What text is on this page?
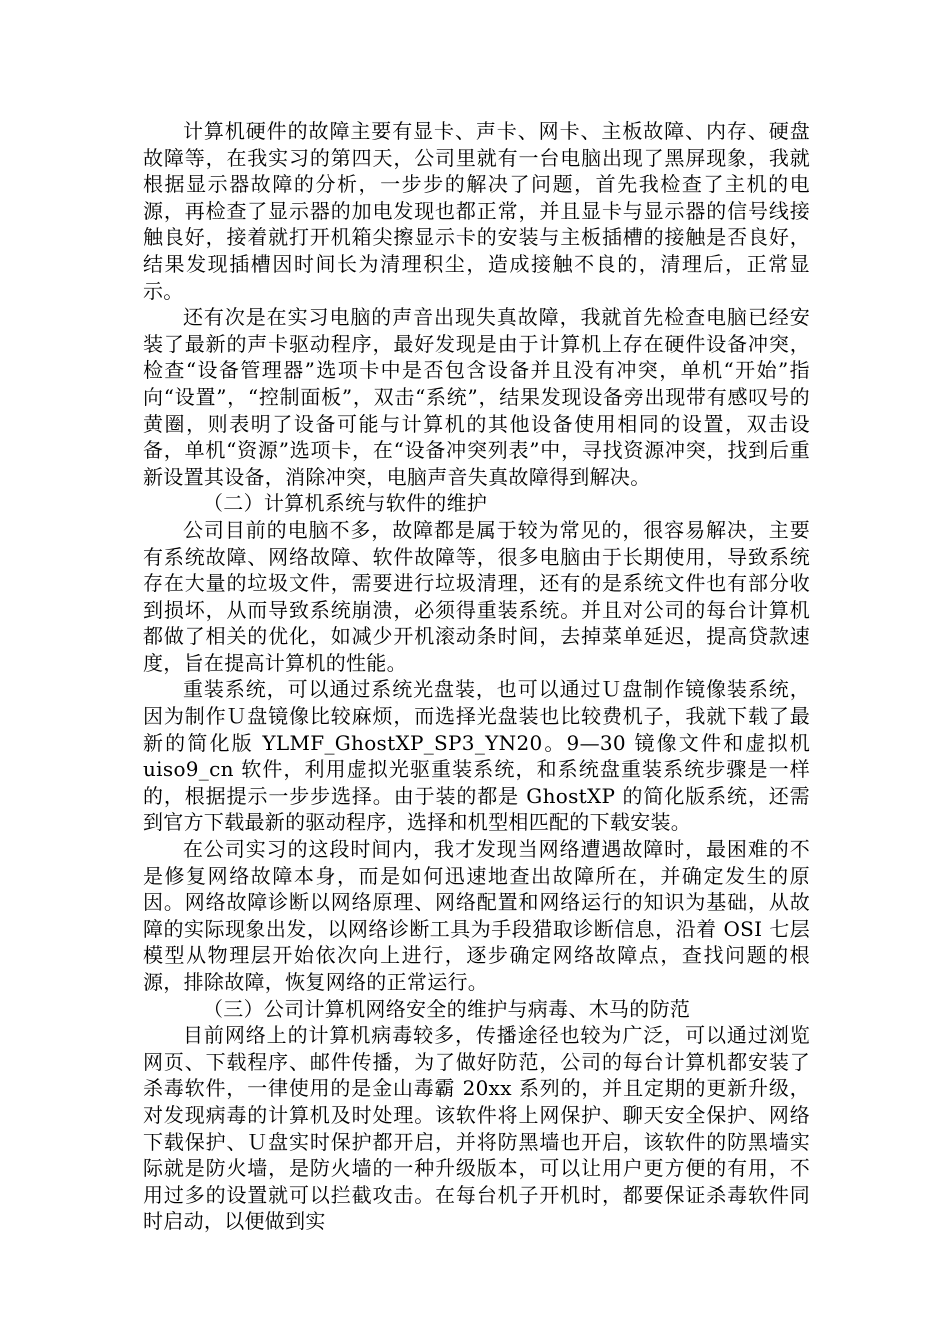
计算机硬件的故障主要有显卡、声卡、网卡、主板故障、内存、硬盘故障等，在我实习的第四天，公司里就有一台电脑出现了黑屏现象，我就根据显示器故障的分析，一步步的解决了问题，首先我检查了主机的电源，再检查了显示器的加电发现也都正常，并且显卡与显示器的信号线接触良好，接着就打开机箱尖擦显示卡的安装与主板插槽的接触是否良好，结果发现插槽因时间长为清理积尘，造成接触不良的，清理后，正常显示。

还有次是在实习电脑的声音出现失真故障，我就首先检查电脑已经安装了最新的声卡驱动程序，最好发现是由于计算机上存在硬件设备冲突，检查“设备管理器”选项卡中是否包含设备并且没有冲突，单机“开始”指向“设置”，“控制面板”，双击“系统”，结果发现设备旁出现带有感叹号的黄圈，则表明了设备可能与计算机的其他设备使用相同的设置，双击设备，单机“资源”选项卡，在“设备冲突列表”中，寻找资源冲突，找到后重新设置其设备，消除冲突，电脑声音失真故障得到解决。

（二）计算机系统与软件的维护

公司目前的电脑不多，故障都是属于较为常见的，很容易解决，主要有系统故障、网络故障、软件故障等，很多电脑由于长期使用，导致系统存在大量的垃圾文件，需要进行垃圾清理，还有的是系统文件也有部分收到损坏，从而导致系统崩溃，必须得重装系统。并且对公司的每台计算机都做了相关的优化，如减少开机滚动条时间，去掉菜单延迟，提高贷款速度，旨在提高计算机的性能。

重装系统，可以通过系统光盘装，也可以通过Ｕ盘制作镜像装系统，因为制作Ｕ盘镜像比较麻烦，而选择光盘装也比较费机子，我就下载了最新的简化版 YLMF_GhostXP_SP3_YN20。9—30 镜像文件和虚拟机 uiso9_cn 软件，利用虚拟光驱重装系统，和系统盘重装系统步骤是一样的，根据提示一步步选择。由于装的都是 GhostXP 的简化版系统，还需到官方下载最新的驱动程序，选择和机型相匹配的下载安装。

在公司实习的这段时间内，我才发现当网络遭遇故障时，最困难的不是修复网络故障本身，而是如何迅速地查出故障所在，并确定发生的原因。网络故障诊断以网络原理、网络配置和网络运行的知识为基础，从故障的实际现象出发，以网络诊断工具为手段猎取诊断信息，沿着 OSI 七层模型从物理层开始依次向上进行，逐步确定网络故障点，查找问题的根源，排除故障，恢复网络的正常运行。

（三）公司计算机网络安全的维护与病毒、木马的防范

目前网络上的计算机病毒较多，传播途径也较为广泛，可以通过浏览网页、下载程序、邮件传播，为了做好防范，公司的每台计算机都安装了杀毒软件，一律使用的是金山毒霸 20xx 系列的，并且定期的更新升级，对发现病毒的计算机及时处理。该软件将上网保护、聊天安全保护、网络下载保护、Ｕ盘实时保护都开启，并将防黑墙也开启，该软件的防黑墙实际就是防火墙，是防火墙的一种升级版本，可以让用户更方便的有用，不用过多的设置就可以拦截攻击。在每台机子开机时，都要保证杀毒软件同时启动，以便做到实
